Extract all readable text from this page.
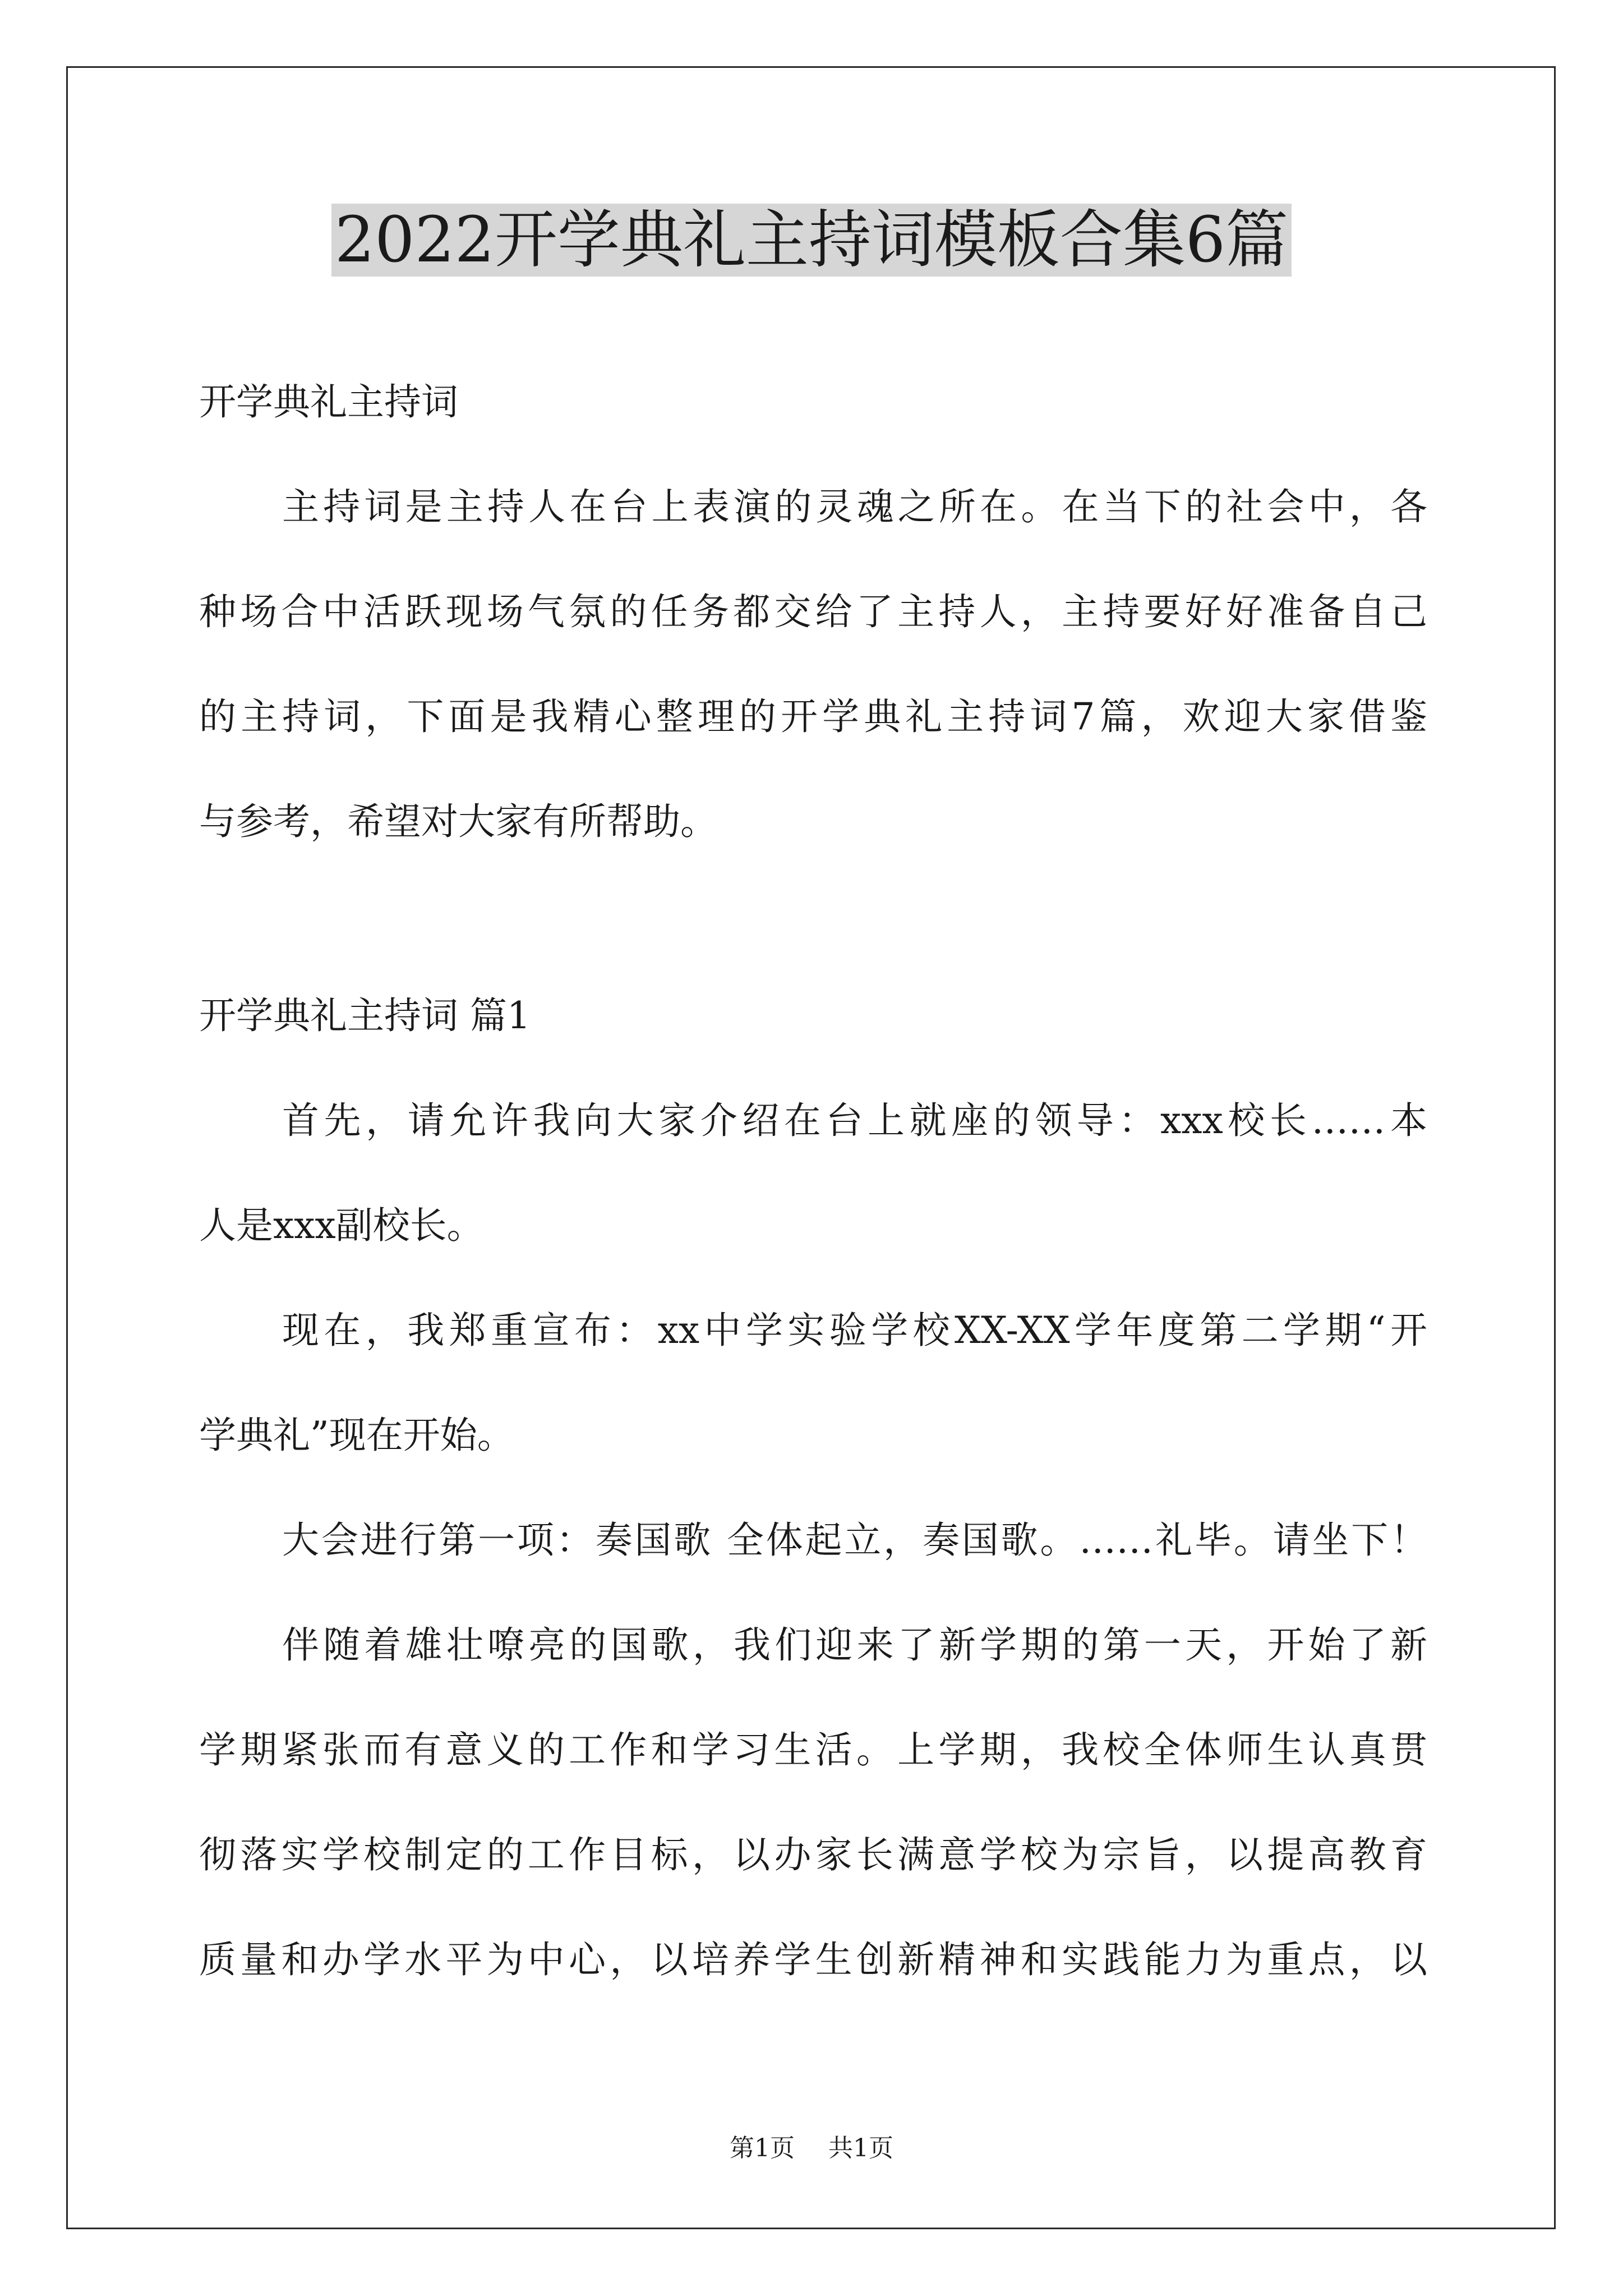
2022开学典礼主持词模板合集6篇
开学典礼主持词
主持词是主持人在台上表演的灵魂之所在。在当下的社会中，各
种场合中活跃现场气氛的任务都交给了主持人，主持要好好准备自己
的主持词，下面是我精心整理的开学典礼主持词7篇，欢迎大家借鉴
与参考，希望对大家有所帮助。
开学典礼主持词 篇1
首先，请允许我向大家介绍在台上就座的领导：xxx校长……本
人是xxx副校长。
现在，我郑重宣布：xx中学实验学校XX-XX学年度第二学期“开
学典礼”现在开始。
大会进行第一项：奏国歌 全体起立，奏国歌。……礼毕。请坐下！
伴随着雄壮嘹亮的国歌，我们迎来了新学期的第一天，开始了新
学期紧张而有意义的工作和学习生活。上学期，我校全体师生认真贯
彻落实学校制定的工作目标，以办家长满意学校为宗旨，以提高教育
质量和办学水平为中心，以培养学生创新精神和实践能力为重点，以
第1页 共1页
